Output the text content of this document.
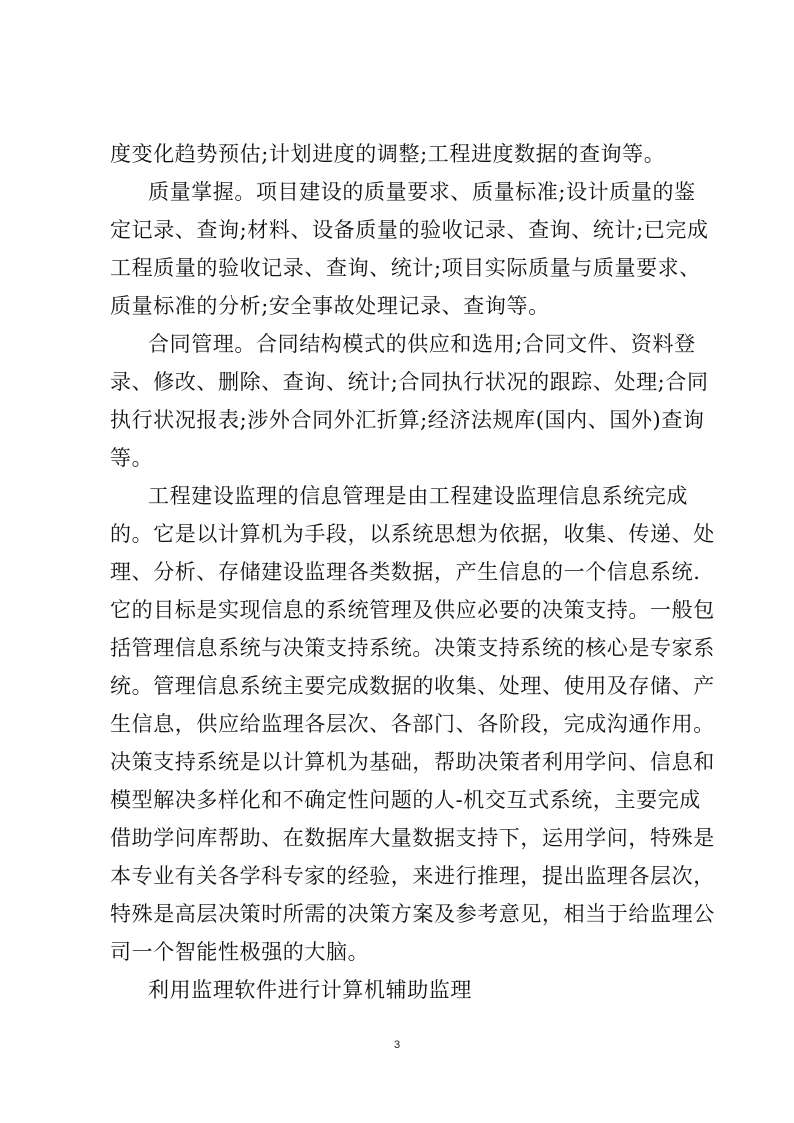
度变化趋势预估;计划进度的调整;工程进度数据的查询等。
质量掌握。项目建设的质量要求、质量标准;设计质量的鉴
定记录、查询;材料、设备质量的验收记录、查询、统计;已完成
工程质量的验收记录、查询、统计;项目实际质量与质量要求、
质量标准的分析;安全事故处理记录、查询等。
合同管理。合同结构模式的供应和选用;合同文件、资料登
录、修改、删除、查询、统计;合同执行状况的跟踪、处理;合同
执行状况报表;涉外合同外汇折算;经济法规库(国内、国外)查询
等。
工程建设监理的信息管理是由工程建设监理信息系统完成
的。它是以计算机为手段，以系统思想为依据，收集、传递、处
理、分析、存储建设监理各类数据，产生信息的一个信息系统.
它的目标是实现信息的系统管理及供应必要的决策支持。一般包
括管理信息系统与决策支持系统。决策支持系统的核心是专家系
统。管理信息系统主要完成数据的收集、处理、使用及存储、产
生信息，供应给监理各层次、各部门、各阶段，完成沟通作用。
决策支持系统是以计算机为基础，帮助决策者利用学问、信息和
模型解决多样化和不确定性问题的人-机交互式系统，主要完成
借助学问库帮助、在数据库大量数据支持下，运用学问，特殊是
本专业有关各学科专家的经验，来进行推理，提出监理各层次，
特殊是高层决策时所需的决策方案及参考意见，相当于给监理公
司一个智能性极强的大脑。
利用监理软件进行计算机辅助监理
3
